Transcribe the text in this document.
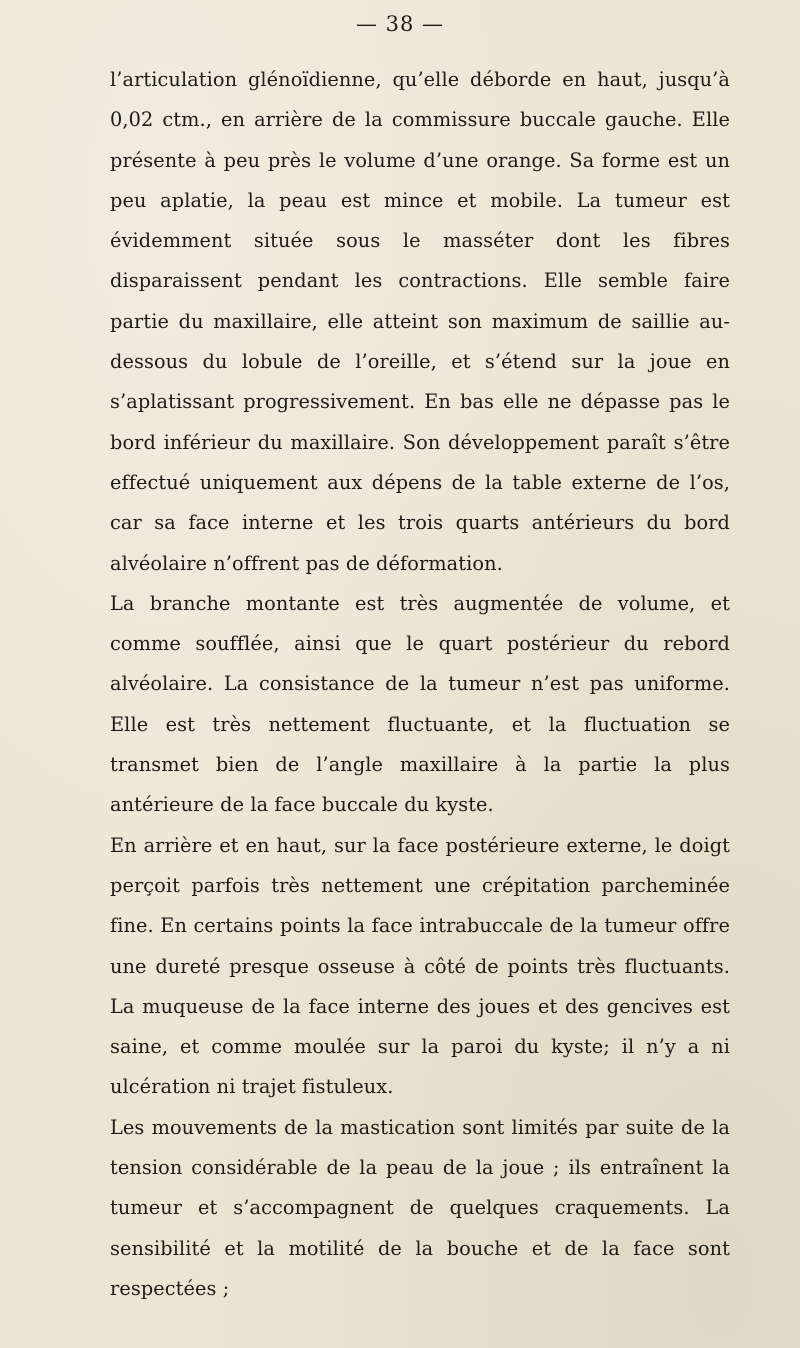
— 38 —

l’articulation glénoïdienne, qu’elle déborde en haut, jusqu’à 0,02 ctm., en arrière de la commissure buccale gauche. Elle présente à peu près le volume d’une orange. Sa forme est un peu aplatie, la peau est mince et mobile. La tumeur est évidemment située sous le masséter dont les fibres disparaissent pendant les contractions. Elle semble faire partie du maxillaire, elle atteint son maximum de saillie au-dessous du lobule de l’oreille, et s’étend sur la joue en s’aplatissant progressivement. En bas elle ne dépasse pas le bord inférieur du maxillaire. Son développement paraît s’être effectué uniquement aux dépens de la table externe de l’os, car sa face interne et les trois quarts antérieurs du bord alvéolaire n’offrent pas de déformation.

La branche montante est très augmentée de volume, et comme soufflée, ainsi que le quart postérieur du rebord alvéolaire. La consistance de la tumeur n’est pas uniforme. Elle est très nettement fluctuante, et la fluctuation se transmet bien de l’angle maxillaire à la partie la plus antérieure de la face buccale du kyste.

En arrière et en haut, sur la face postérieure externe, le doigt perçoit parfois très nettement une crépitation parcheminée fine. En certains points la face intrabuccale de la tumeur offre une dureté presque osseuse à côté de points très fluctuants. La muqueuse de la face interne des joues et des gencives est saine, et comme moulée sur la paroi du kyste; il n’y a ni ulcération ni trajet fistuleux.

Les mouvements de la mastication sont limités par suite de la tension considérable de la peau de la joue ; ils entraînent la tumeur et s’accompagnent de quelques craquements. La sensibilité et la motilité de la bouche et de la face sont respectées ;
